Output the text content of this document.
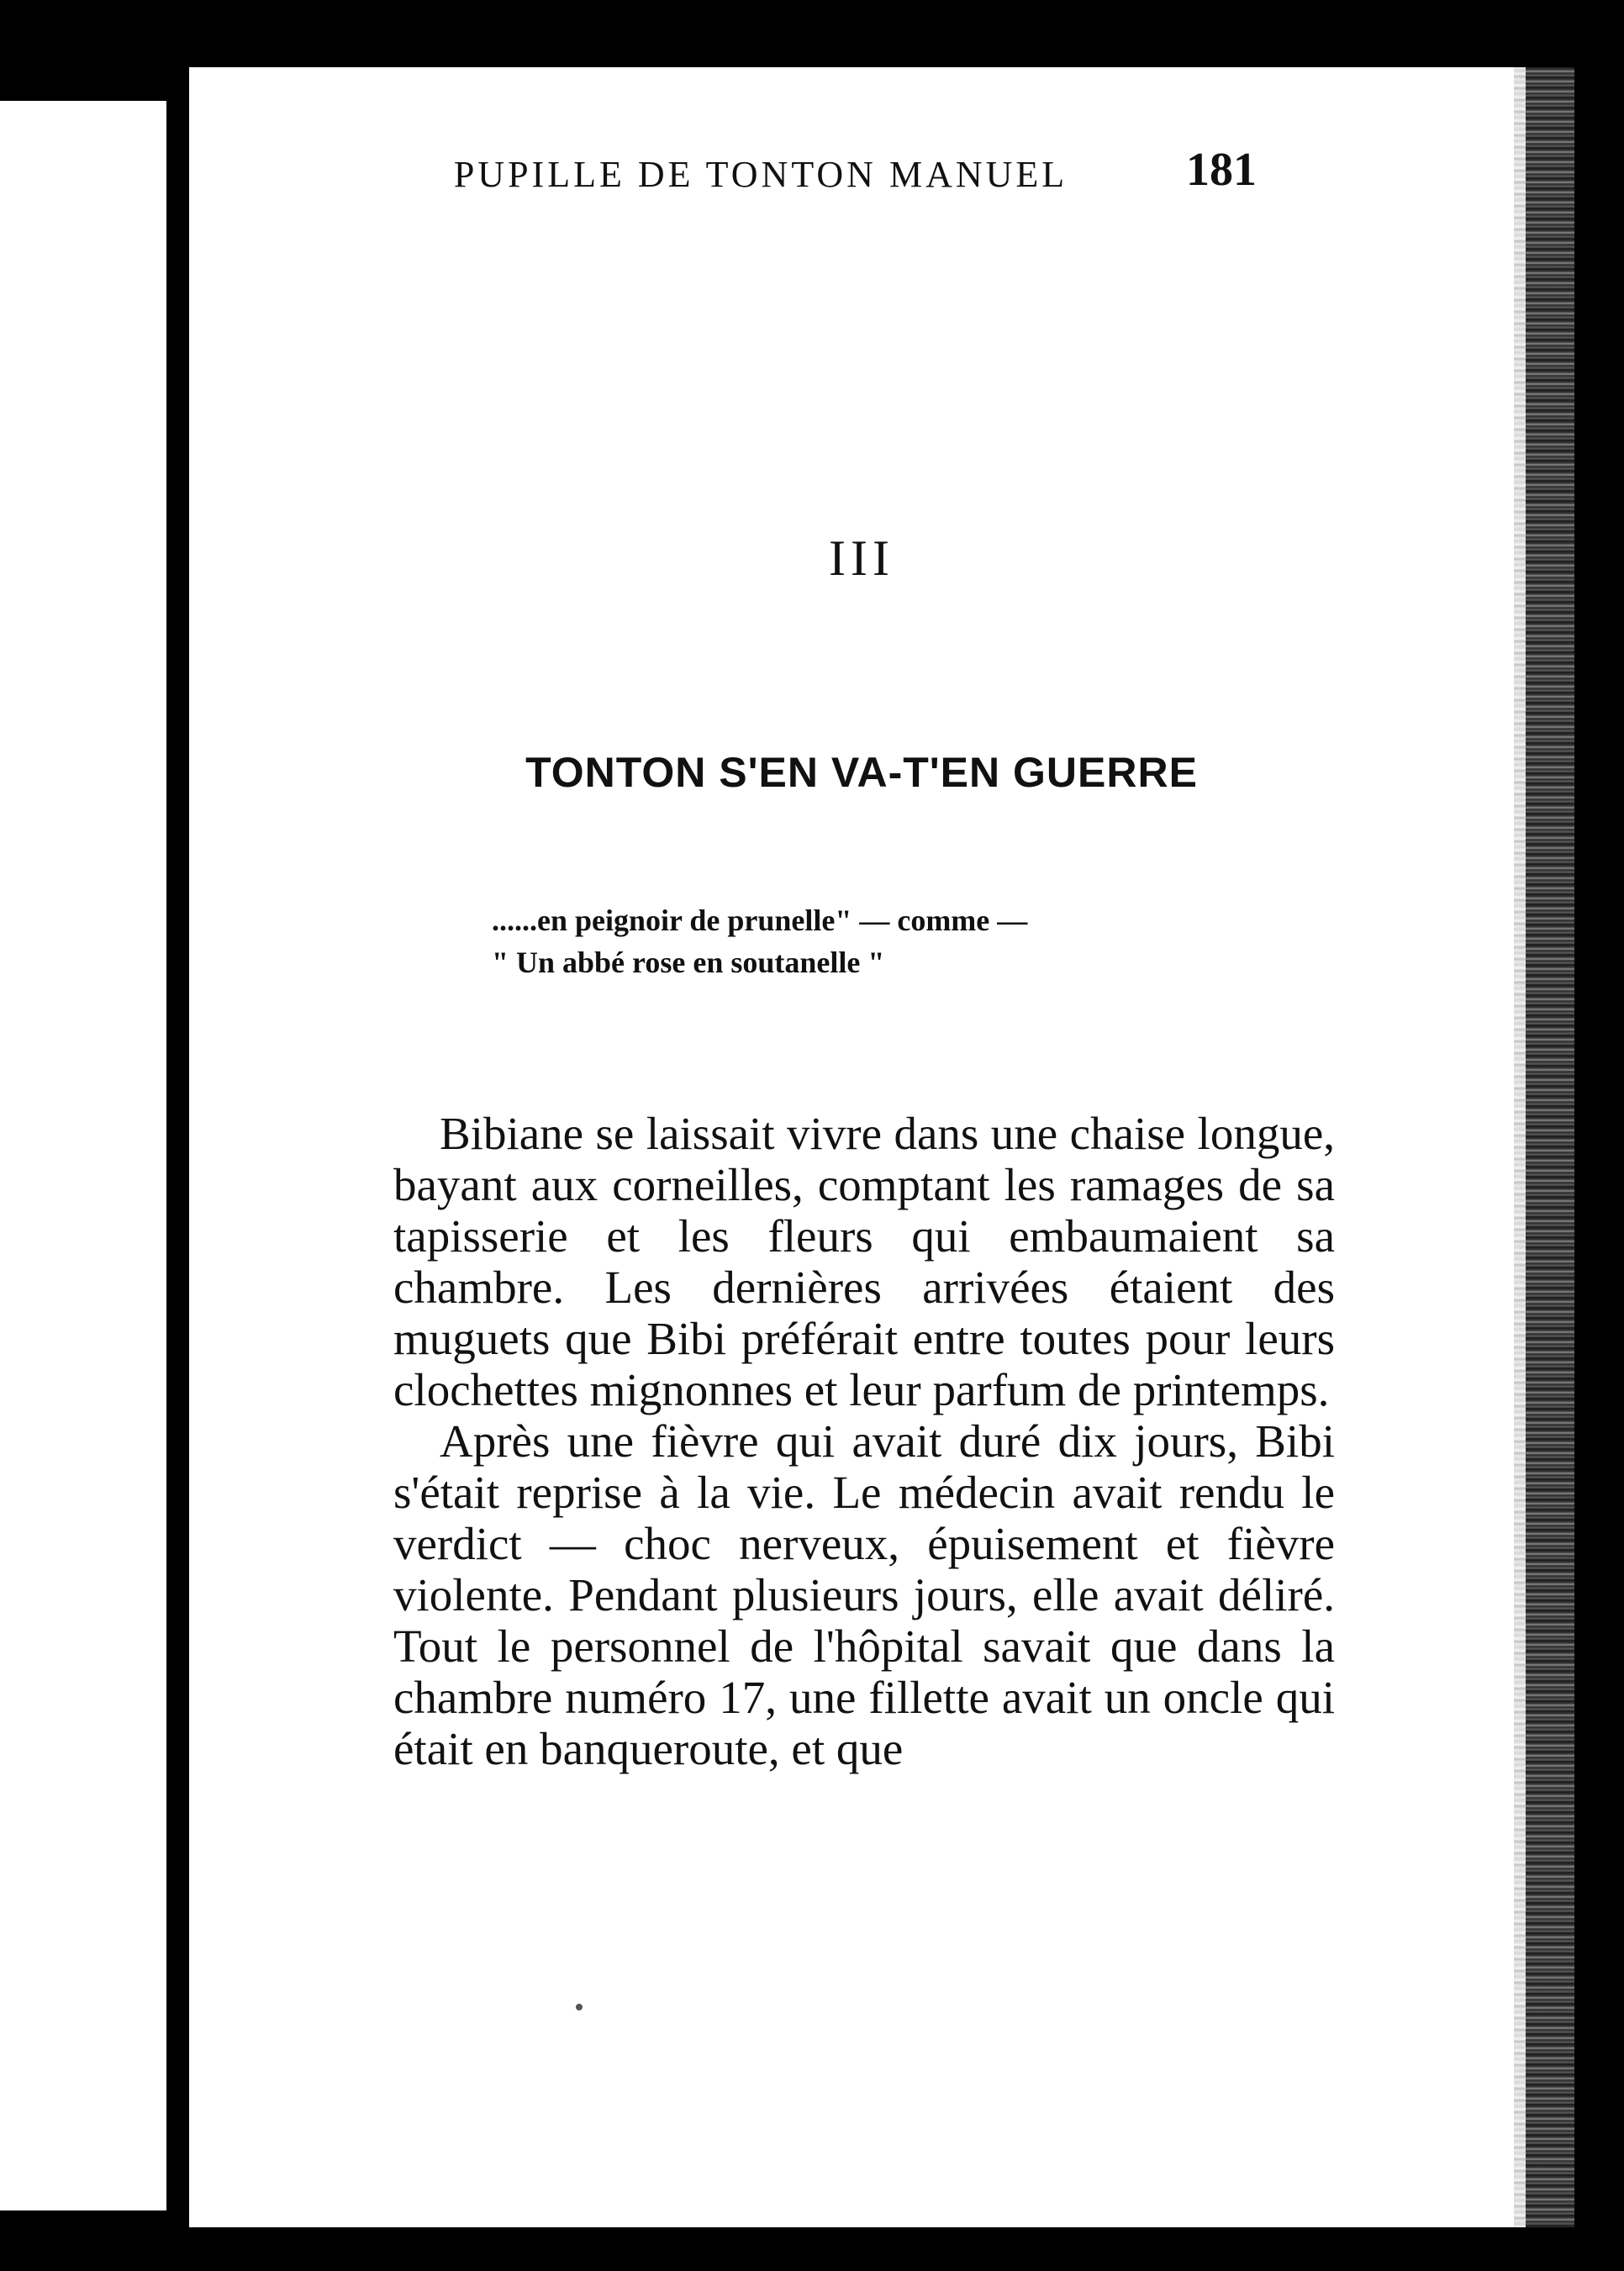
PUPILLE DE TONTON MANUEL	181
III
TONTON S'EN VA-T'EN GUERRE
......en peignoir de prunelle" — comme —
" Un abbé rose en soutanelle "

Bibiane se laissait vivre dans une chaise longue, bayant aux corneilles, comptant les ramages de sa tapisserie et les fleurs qui embaumaient sa chambre. Les dernières arrivées étaient des muguets que Bibi préférait entre toutes pour leurs clochettes mignonnes et leur parfum de printemps.

Après une fièvre qui avait duré dix jours, Bibi s'était reprise à la vie. Le médecin avait rendu le verdict — choc nerveux, épuisement et fièvre violente. Pendant plusieurs jours, elle avait déliré. Tout le personnel de l'hôpital savait que dans la chambre numéro 17, une fillette avait un oncle qui était en banqueroute, et que
